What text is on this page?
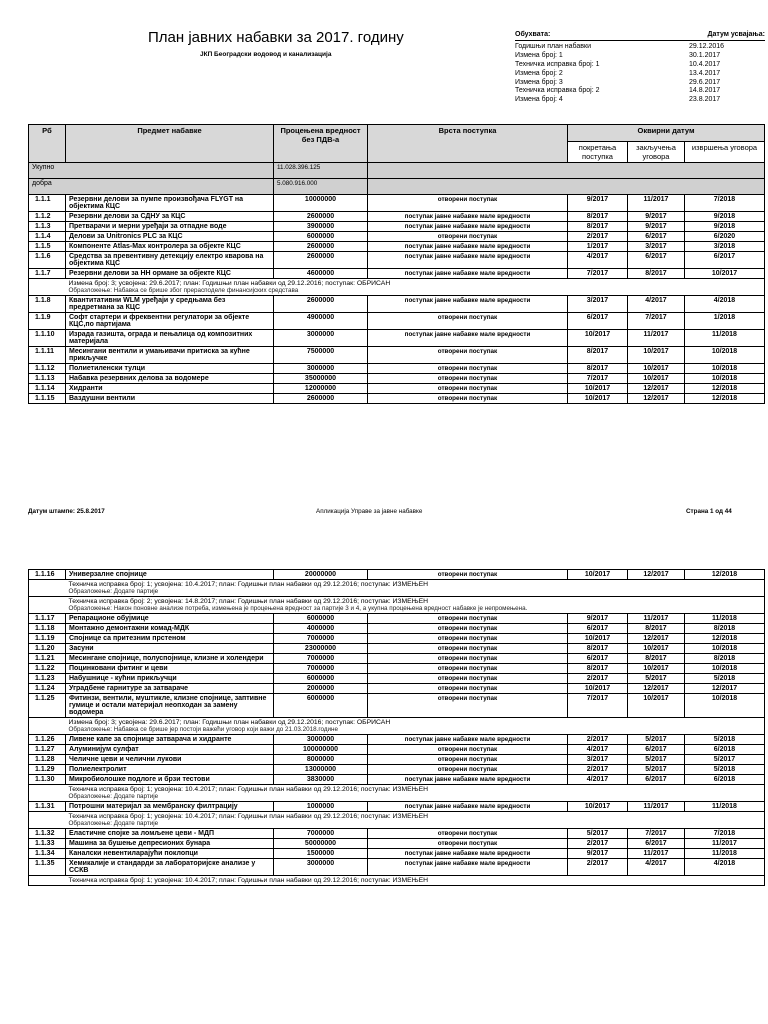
План јавних набавки за 2017. годину
ЈКП Београдски водовод и канализација
Обухвата:	Датум усвајања:
Годишњи план набавки	29.12.2016
Измена број: 1	30.1.2017
Техничка исправка број: 1	10.4.2017
Измена број: 2	13.4.2017
Измена број: 3	29.6.2017
Техничка исправка број: 2	14.8.2017
Измена број: 4	23.8.2017
Рб	Предмет набавке	Процењена вредност без ПДВ-а	Врста поступка	Оквирни датум		
				покретања поступка	закључења уговора	извршења уговора
Укупно		11.028.396.125				
добра		5.080.916.000				
1.1.1	Резервни делови за пумпе произвођача FLYGT на објектима КЦС	10000000	отворени поступак	9/2017	11/2017	7/2018
1.1.2	Резервни делови за СДНУ за КЦС	2600000	поступак јавне набавке мале вредности	8/2017	9/2017	9/2018
1.1.3	Претварачи и мерни уређаји за отпадне воде	3900000	поступак јавне набавке мале вредности	8/2017	9/2017	9/2018
1.1.4	Делови за Unitronics PLC за КЦС	6000000	отворени поступак	2/2017	6/2017	6/2020
1.1.5	Компоненте Atlas-Мах контролера за објекте КЦС	2600000	поступак јавне набавке мале вредности	1/2017	3/2017	3/2018
1.1.6	Средства за превентивну детекцију електро кварова на објектима КЦС	2600000	поступак јавне набавке мале вредности	4/2017	6/2017	6/2017
1.1.7	Резервни делови за НН ормане за објекте КЦС	4600000	поступак јавне набавке мале вредности	7/2017	8/2017	10/2017

	Измена број: 3; усвојена: 29.6.2017; план: Годишњи план набавки од 29.12.2016; поступак: ОБРИСАН
Образложење: Набавка се брише због прерасподеле финансијских средстава					

1.1.8	Квантитативни WLM уређаји у средњама без предретмана за КЦС	2600000	поступак јавне набавке мале вредности	3/2017	4/2017	4/2018
1.1.9	Софт стартери и фреквентни регулатори за објекте КЦС,по партијама	4900000	отворени поступак	6/2017	7/2017	1/2018
1.1.10	Израда газишта, ограда и пењалица од композитних материјала	3000000	поступак јавне набавке мале вредности	10/2017	11/2017	11/2018
1.1.11	Месингани вентили и умањивачи притиска за кућне прикључке	7500000	отворени поступак	8/2017	10/2017	10/2018
1.1.12	Полиетиленски тулци	3000000	отворени поступак	8/2017	10/2017	10/2018
1.1.13	Набавка резервних делова за водомере	35000000	отворени поступак	7/2017	10/2017	10/2018
1.1.14	Хидранти	12000000	отворени поступак	10/2017	12/2017	12/2018
1.1.15	Ваздушни вентили	2600000	отворени поступак	10/2017	12/2017	12/2018
Датум штампе: 25.8.2017	Апликација Управе за јавне набавке	Страна 1 од 44
1.1.16	Универзалне спојнице	20000000	отворени поступак	10/2017	12/2017	12/2018

	Техничка исправка број: 1; усвојена: 10.4.2017; план: Годишњи план набавки од 29.12.2016; поступак: ИЗМЕЊЕН
Образложење: Додате партије					

	Техничка исправка број: 2; усвојена: 14.8.2017; план: Годишњи план набавки од 29.12.2016; поступак: ИЗМЕЊЕН
Образложење: Након поновне анализе потреба, измењена је процењена вредност за партије 3 и 4, а укупна процењена вредност набавке је непромењена.					

1.1.17	Репарационе обујмице	6000000	отворени поступак	9/2017	11/2017	11/2018
1.1.18	Монтажно демонтажни комад-МДК	4000000	отворени поступак	6/2017	8/2017	8/2018
1.1.19	Спојнице са притезним прстеном	7000000	отворени поступак	10/2017	12/2017	12/2018
1.1.20	Засуни	23000000	отворени поступак	8/2017	10/2017	10/2018
1.1.21	Месингане спојнице, полуспојнице, клизне и холендери	7000000	отворени поступак	6/2017	8/2017	8/2018
1.1.22	Поцинковани фитинг и цеви	7000000	отворени поступак	8/2017	10/2017	10/2018
1.1.23	Набушнице - кућни прикључци	6000000	отворени поступак	2/2017	5/2017	5/2018
1.1.24	Уградбене гарнитуре за затвараче	2000000	отворени поступак	10/2017	12/2017	12/2017
1.1.25	Фитинзи, вентили, муштикле, клизне спојнице, заптивне гумице и остали материјал неопходан за замену водомера	6000000	отворени поступак	7/2017	10/2017	10/2018

	Измена број: 3; усвојена: 29.6.2017; план: Годишњи план набавки од 29.12.2016; поступак: ОБРИСАН
Образложење: Набавка се брише јер постоји важећи уговор који важи до 21.03.2018.године					

1.1.26	Ливене капе за спојнице затварача и хидранте	3000000	поступак јавне набавке мале вредности	2/2017	5/2017	5/2018
1.1.27	Алуминијум сулфат	100000000	отворени поступак	4/2017	6/2017	6/2018
1.1.28	Челичне цеви и челични лукови	8000000	отворени поступак	3/2017	5/2017	5/2017
1.1.29	Полиелектролит	13000000	отворени поступак	2/2017	5/2017	5/2018
1.1.30	Микробиолошке подлоге и брзи тестови	3830000	поступак јавне набавке мале вредности	4/2017	6/2017	6/2018

	Техничка исправка број: 1; усвојена: 10.4.2017; план: Годишњи план набавки од 29.12.2016; поступак: ИЗМЕЊЕН
Образложење: Додате партије					

1.1.31	Потрошни материјал за мембранску филтрацију	1000000	поступак јавне набавке мале вредности	10/2017	11/2017	11/2018

	Техничка исправка број: 1; усвојена: 10.4.2017; план: Годишњи план набавки од 29.12.2016; поступак: ИЗМЕЊЕН
Образложење: Додате партије					

1.1.32	Еластичне спојке за ломљене цеви - МДП	7000000	отворени поступак	5/2017	7/2017	7/2018
1.1.33	Машина за бушење депресионих бунара	50000000	отворени поступак	2/2017	6/2017	11/2017
1.1.34	Каналски невентиларајући поклопци	1500000	поступак јавне набавке мале вредности	9/2017	11/2017	11/2018
1.1.35	Хемикалије и стандарди за лабораторијске анализе у ССКВ	3000000	поступак јавне набавке мале вредности	2/2017	4/2017	4/2018

	Техничка исправка број: 1; усвојена: 10.4.2017; план: Годишњи план набавки од 29.12.2016; поступак: ИЗМЕЊЕН					
